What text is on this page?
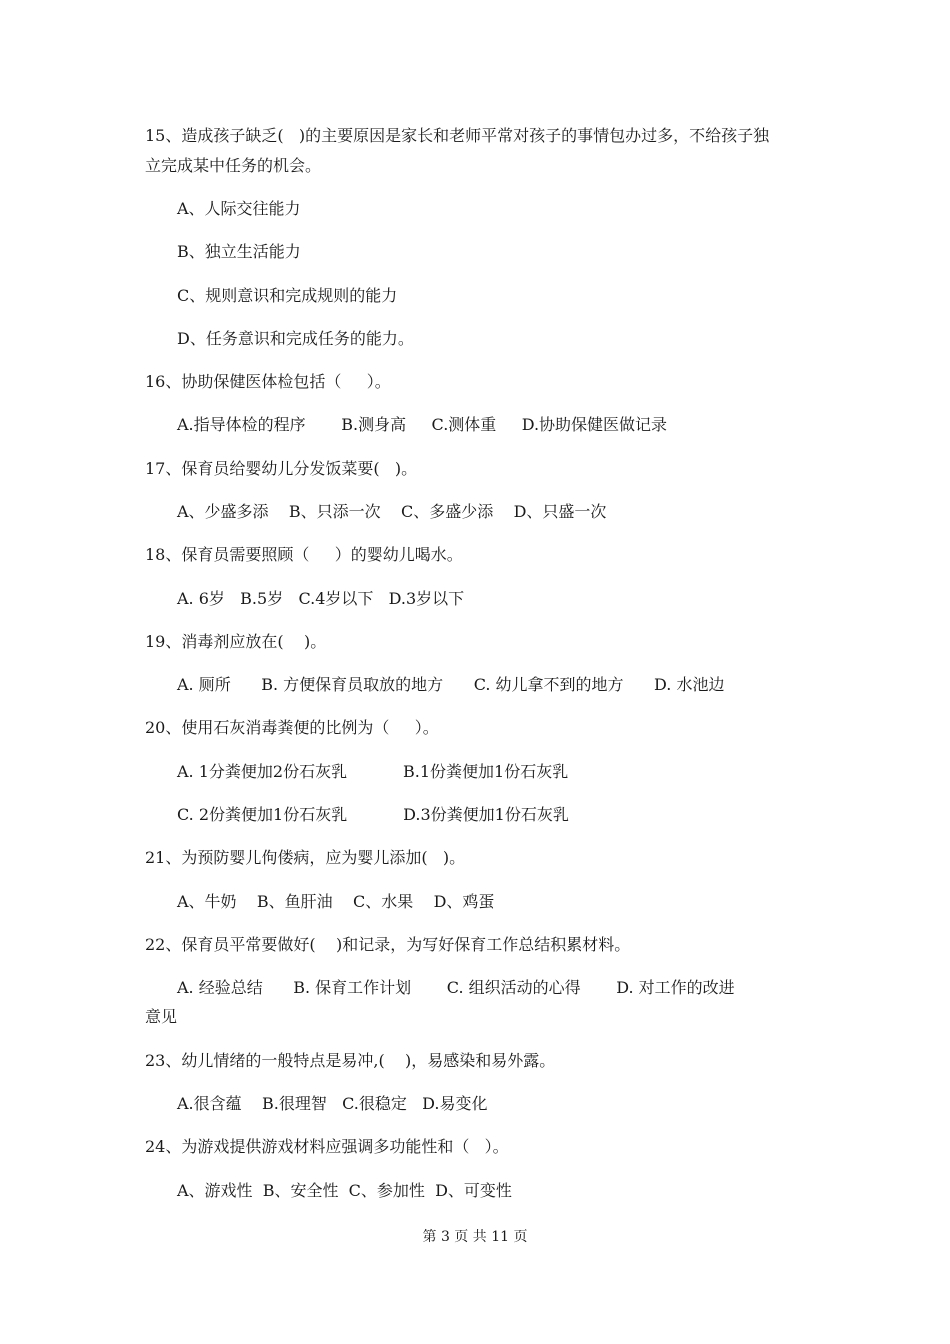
15、造成孩子缺乏(   )的主要原因是家长和老师平常对孩子的事情包办过多，不给孩子独
立完成某中任务的机会。
A、人际交往能力
B、独立生活能力
C、规则意识和完成规则的能力
D、任务意识和完成任务的能力。
16、协助保健医体检包括（     ）。
A.指导体检的程序       B.测身高     C.测体重     D.协助保健医做记录
17、保育员给婴幼儿分发饭菜要(   )。
A、少盛多添    B、只添一次    C、多盛少添    D、只盛一次
18、保育员需要照顾（     ）的婴幼儿喝水。
A. 6岁   B.5岁   C.4岁以下   D.3岁以下
19、消毒剂应放在(    )。
A. 厕所      B. 方便保育员取放的地方      C. 幼儿拿不到的地方      D. 水池边
20、使用石灰消毒粪便的比例为（     ）。
A. 1分粪便加2份石灰乳           B.1份粪便加1份石灰乳
C. 2份粪便加1份石灰乳           D.3份粪便加1份石灰乳
21、为预防婴儿佝偻病，应为婴儿添加(   )。
A、牛奶    B、鱼肝油    C、水果    D、鸡蛋
22、保育员平常要做好(    )和记录，为写好保育工作总结积累材料。
A. 经验总结      B. 保育工作计划       C. 组织活动的心得       D. 对工作的改进
意见
23、幼儿情绪的一般特点是易冲,(    )，易感染和易外露。
A.很含蕴    B.很理智   C.很稳定   D.易变化
24、为游戏提供游戏材料应强调多功能性和（   ）。
A、游戏性  B、安全性  C、参加性  D、可变性
第 3 页 共 11 页
